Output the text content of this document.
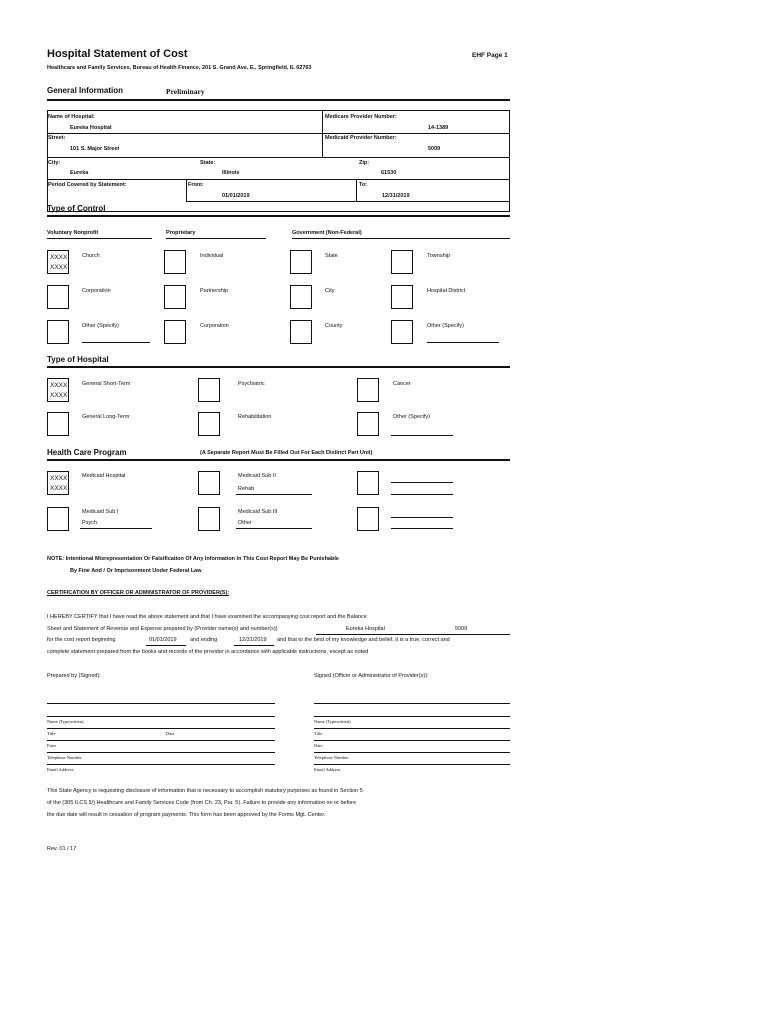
Hospital Statement of Cost	EHF Page 1
Healthcare and Family Services, Bureau of Health Finance, 201 S. Grand Ave. E., Springfield, IL 62763
General Information	Preliminary
Name of Hospital:
Eureka Hospital
Medicare Provider Number:
14-1389
Street:
101 S. Major Street
Medicaid Provider Number:
5009
City:
Eureka
State:
Illinois
Zip:
61530
Period Covered by Statement:	From:
01/01/2019
To:
12/31/2019
Type of Control
Voluntary Nonprofit	Proprietary	Government (Non-Federal)
XXXX
XXXX
Church	Individual	State	Township
Corporation	Partnership	City	Hospital District
Other (Specify)	Corporation	County	Other (Specify)
Type of Hospital
XXXX
XXXX
General Short-Term	Psychiatric	Cancer
General Long-Term	Rehabilitation	Other (Specify)
Health Care Program	(A Separate Report Must Be Filled Out For Each Distinct Part Unit)
XXXX
XXXX
Medicaid Hospital	Medicaid Sub II
Rehab
Medicaid Sub I
Psych
Medicaid Sub III
Other
NOTE: Intentional Misrepresentation Or Falsification Of Any Information In This Cost Report May Be Punishable
By Fine And / Or Imprisonment Under Federal Law
CERTIFICATION BY OFFICER OR ADMINISTRATOR OF PROVIDER(S):
I HEREBY CERTIFY that I have read the above statement and that I have examined the accompanying cost report and the Balance
Sheet and Statement of Revenue and Expense prepared by (Provider name(s) and number(s))	Eureka Hospital	5009
for the cost report beginning	01/01/2019 and ending	12/31/2019 and that to the best of my knowledge and belief, it is a true, correct and
complete statement prepared from the books and records of the provider in accordance with applicable instructions, except as noted
Prepared by (Signed):	Signed (Officer or Administrator of Provider(s)):
Name (Typewritten)
Title	Date
Firm
Telephone Number
Email Address
Name (Typewritten)
Title
Date
Telephone Number
Email Address
This State Agency is requesting disclosure of information that is necessary to accomplish statutory purposes as found in Section 5
of the (305 ILCS 5/) Healthcare and Family Services Code (from Ch. 23, Par. 5). Failure to provide any information on or before
the due date will result in cessation of program payments. This form has been approved by the Forms Mgt. Center.
Rev. 01 / 17
